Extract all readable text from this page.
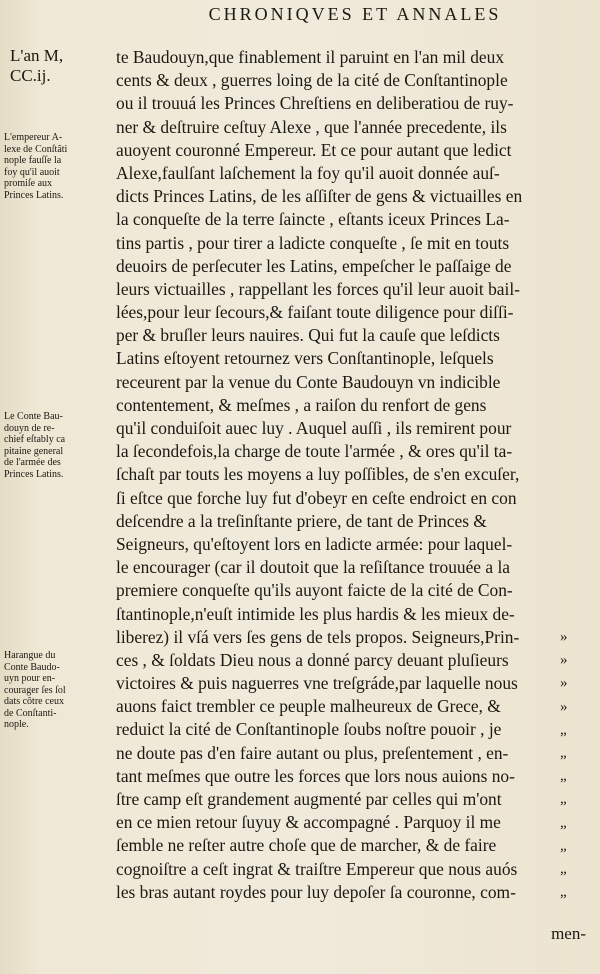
CHRONIQVES ET ANNALES
L'an M,
CC.ij.
L'empereur A-
lexe de Conſtãti
nople fauſſe la
foy qu'il auoit
promiſe aux
Princes Latins.
Le Conte Bau-
douyn de re-
chief eſtably ca
pitaine general
de l'armée des
Princes Latins.
Harangue du
Conte Baudo-
uyn pour en-
courager ſes ſol
dats côtre ceux
de Conſtanti-
nople.
te Baudouyn,que finablement il paruint en l'an mil deux
cents & deux , guerres loing de la cité de Conſtantinople
ou il trouuá les Princes Chreſtiens en deliberatiou de ruy-
ner & deſtruire ceſtuy Alexe , que l'année precedente, ils
auoyent couronné Empereur. Et ce pour autant que ledict
Alexe,faulſant laſchement la foy qu'il auoit donnée auſ-
dicts Princes Latins, de les aſſiſter de gens & victuailles en
la conqueſte de la terre ſaincte , eſtants iceux Princes La-
tins partis , pour tirer a ladicte conqueſte , ſe mit en touts
deuoirs de perſecuter les Latins, empeſcher le paſſaige de
leurs victuailles , rappellant les forces qu'il leur auoit bail-
lées,pour leur ſecours,& faiſant toute diligence pour diſſi-
per & bruſler leurs nauires. Qui fut la cauſe que leſdicts
Latins eſtoyent retournez vers Conſtantinople, leſquels
receurent par la venue du Conte Baudouyn vn indicible
contentement, & meſmes , a raiſon du renfort de gens
qu'il conduiſoit auec luy . Auquel auſſi , ils remirent pour
la ſecondefois,la charge de toute l'armée , & ores qu'il ta-
ſchaſt par touts les moyens a luy poſſibles, de s'en excuſer,
ſi eſtce que forche luy fut d'obeyr en ceſte endroict en con
deſcendre a la treſinſtante priere, de tant de Princes &
Seigneurs, qu'eſtoyent lors en ladicte armée: pour laquel-
le encourager (car il doutoit que la reſiſtance trouuée a la
premiere conqueſte qu'ils auyont faicte de la cité de Con-
ſtantinople,n'euſt intimide les plus hardis & les mieux de-
liberez) il vſá vers ſes gens de tels propos. Seigneurs,Prin-
ces , & ſoldats Dieu nous a donné parcy deuant pluſieurs
victoires & puis naguerres vne treſgráde,par laquelle nous
auons faict trembler ce peuple malheureux de Grece, &
reduict la cité de Conſtantinople ſoubs noſtre pouoir , je
ne doute pas d'en faire autant ou plus, preſentement , en-
tant meſmes que outre les forces que lors nous auions no-
ſtre camp eſt grandement augmenté par celles qui m'ont
en ce mien retour ſuyuy & accompagné . Parquoy il me
ſemble ne reſter autre choſe que de marcher, & de faire
cognoiſtre a ceſt ingrat & traiſtre Empereur que nous auós
les bras autant roydes pour luy depoſer ſa couronne, com-
»
»
»
»
„
„
„
„
„
„
„
„
men-
